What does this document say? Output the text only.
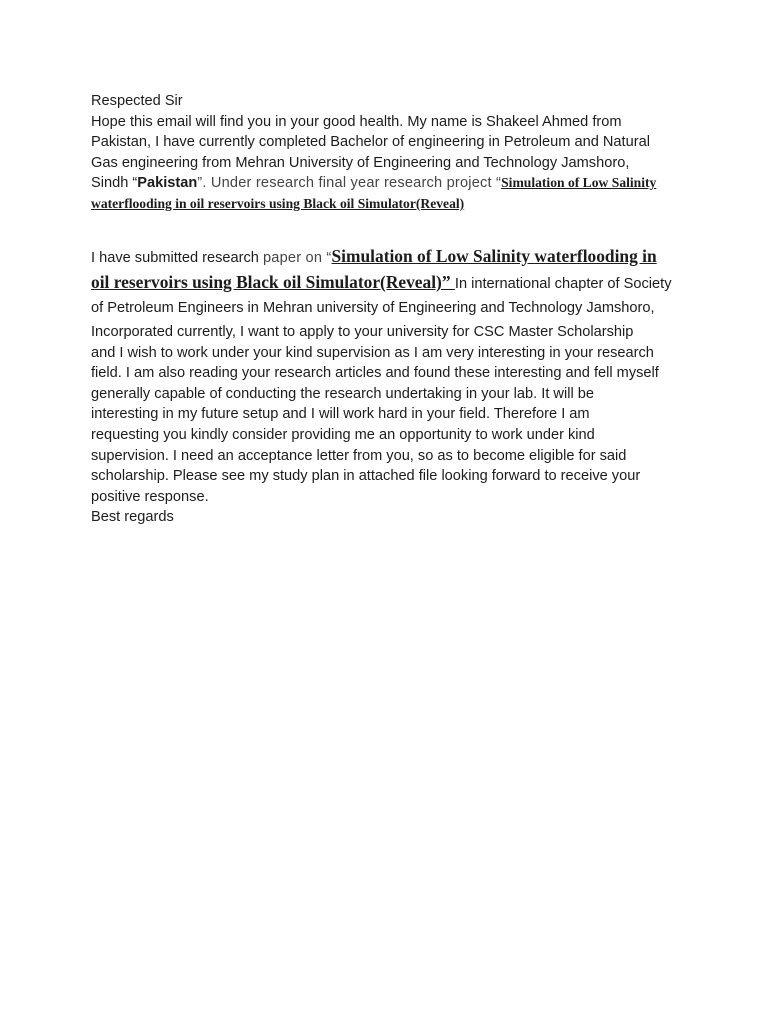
Respected Sir
Hope this email will find you in your good health. My name is Shakeel Ahmed from
Pakistan, I have currently completed Bachelor of engineering in Petroleum and Natural
Gas engineering from Mehran University of Engineering and Technology Jamshoro,
Sindh “Pakistan”. Under research final year research project “Simulation of Low Salinity
waterflooding in oil reservoirs using Black oil Simulator(Reveal)
I have submitted research paper on “Simulation of Low Salinity waterflooding in
oil reservoirs using Black oil Simulator(Reveal)” In international chapter of Society
of Petroleum Engineers in Mehran university of Engineering and Technology Jamshoro,
Incorporated currently, I want to apply to your university for CSC Master Scholarship
and I wish to work under your kind supervision as I am very interesting in your research
field. I am also reading your research articles and found these interesting and fell myself
generally capable of conducting the research undertaking in your lab. It will be
interesting in my future setup and I will work hard in your field. Therefore I am
requesting you kindly consider providing me an opportunity to work under kind
supervision. I need an acceptance letter from you, so as to become eligible for said
scholarship. Please see my study plan in attached file looking forward to receive your
positive response.
Best regards
